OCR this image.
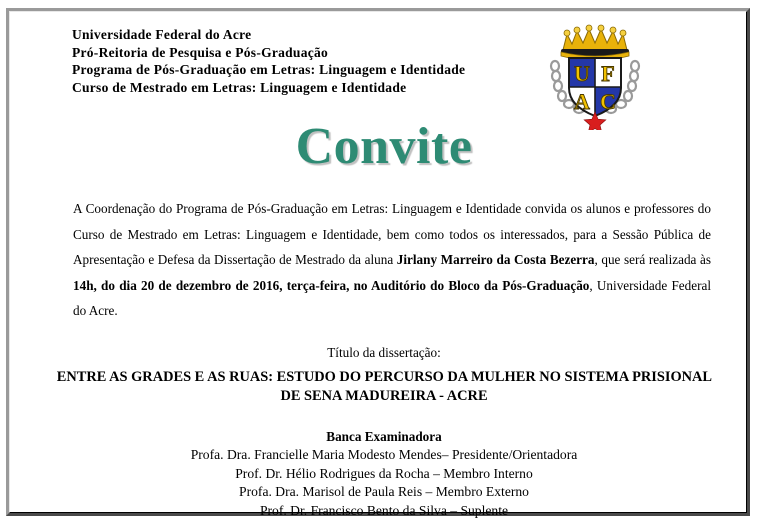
Universidade Federal do Acre
Pró-Reitoria de Pesquisa e Pós-Graduação
Programa de Pós-Graduação em Letras: Linguagem e Identidade
Curso de Mestrado em Letras: Linguagem e Identidade
U F
A C
Convite
A Coordenação do Programa de Pós-Graduação em Letras: Linguagem e Identidade convida os alunos e professores do Curso de Mestrado em Letras: Linguagem e Identidade, bem como todos os interessados, para a Sessão Pública de Apresentação e Defesa da Dissertação de Mestrado da aluna Jirlany Marreiro da Costa Bezerra, que será realizada às 14h, do dia 20 de dezembro de 2016, terça-feira, no Auditório do Bloco da Pós-Graduação, Universidade Federal do Acre.
Título da dissertação:
ENTRE AS GRADES E AS RUAS: ESTUDO DO PERCURSO DA MULHER NO SISTEMA PRISIONAL DE SENA MADUREIRA - ACRE
Banca Examinadora
Profa. Dra. Francielle Maria Modesto Mendes– Presidente/Orientadora
Prof. Dr. Hélio Rodrigues da Rocha – Membro Interno
Profa. Dra. Marisol de Paula Reis – Membro Externo
Prof. Dr. Francisco Bento da Silva – Suplente
